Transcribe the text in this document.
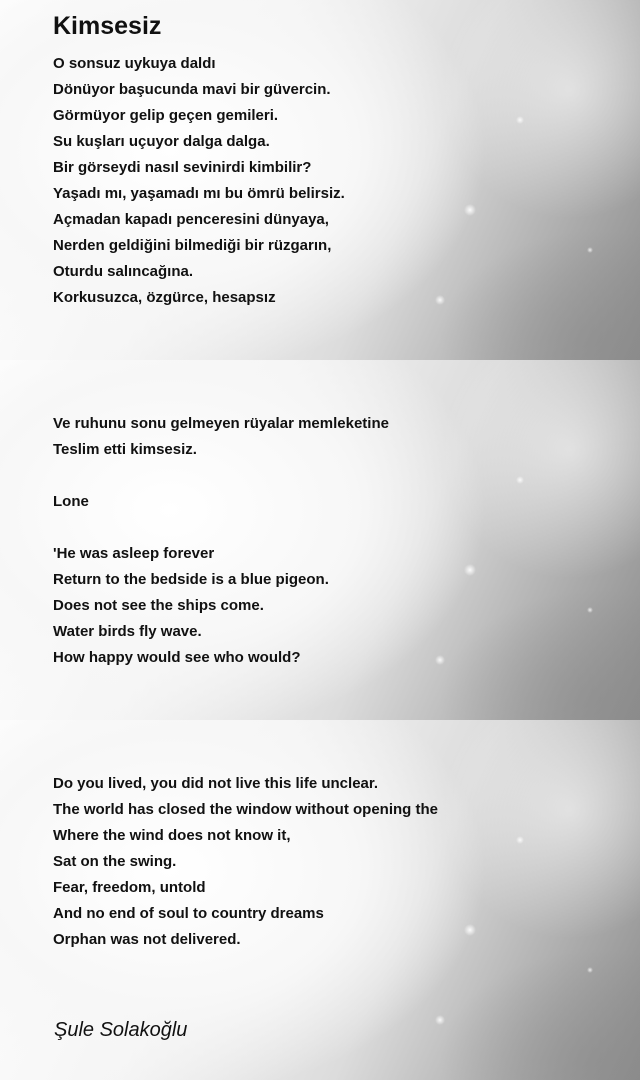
Kimsesiz
O sonsuz uykuya daldı
Dönüyor başucunda mavi bir güvercin.
Görmüyor gelip geçen gemileri.
Su kuşları uçuyor dalga dalga.
Bir görseydi nasıl sevinirdi kimbilir?
Yaşadı mı, yaşamadı mı bu ömrü belirsiz.
Açmadan kapadı penceresini dünyaya,
Nerden geldiğini bilmediği bir rüzgarın,
Oturdu salıncağına.
Korkusuzca, özgürce, hesapsız
Ve ruhunu sonu gelmeyen rüyalar memleketine
Teslim etti kimsesiz.
Lone
'He was asleep forever
Return to the bedside is a blue pigeon.
Does not see the ships come.
Water birds fly wave.
How happy would see who would?
Do you lived, you did not live this life unclear.
The world has closed the window without opening the
Where the wind does not know it,
Sat on the swing.
Fear, freedom, untold
And no end of soul to country dreams
Orphan was not delivered.

Şule Solakoğlu
